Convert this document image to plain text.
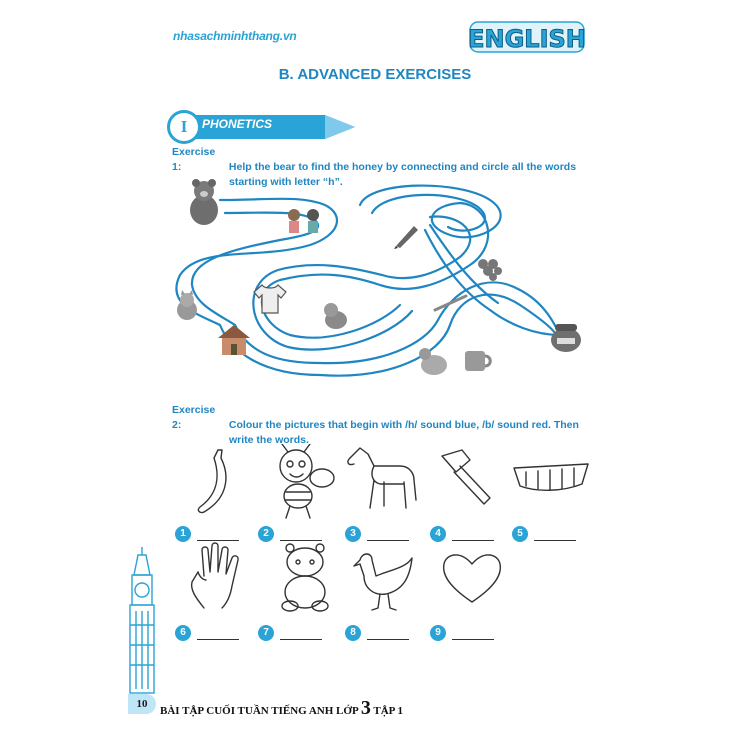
nhasachminhthang.vn	ENGLISH
B. ADVANCED EXERCISES
I	PHONETICS
Exercise 1:	Help the bear to find the honey by connecting and circle all the words
starting with letter “h”.
Exercise 2:	Colour the pictures that begin with /h/ sound blue, /b/ sound red. Then
write the words.
1	2	3	4	5
6	7	8	9
10
BÀI TẬP CUỐI TUẦN TIẾNG ANH LỚP 3 TẬP 1
